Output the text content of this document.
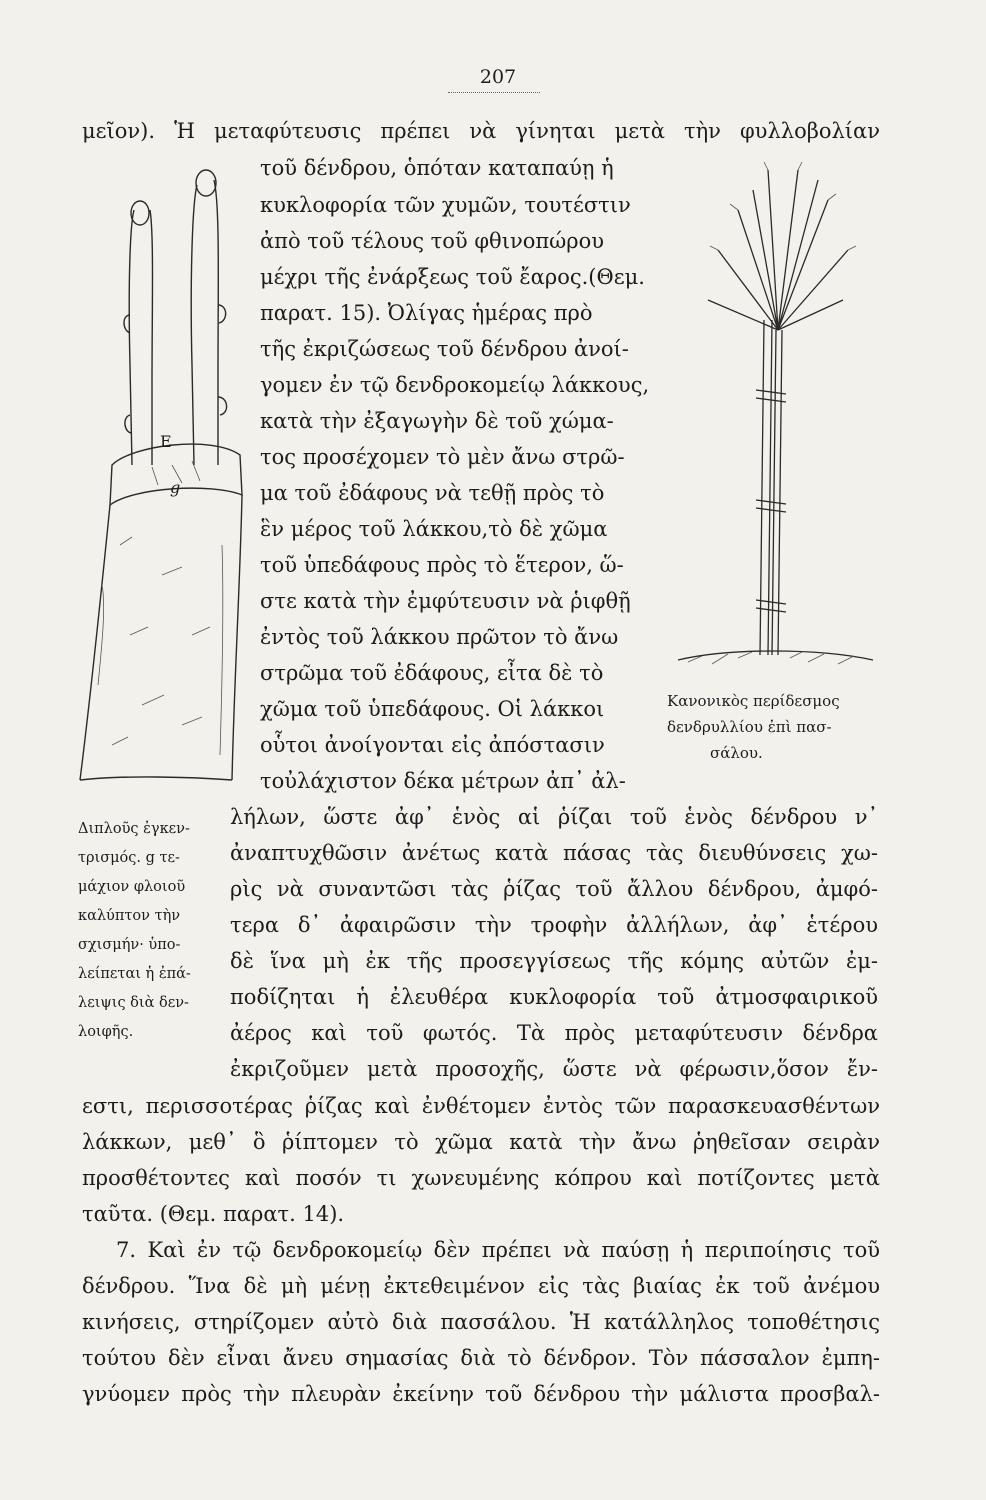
207
E
g
Διπλοῦς ἐγκεν-
τρισμός. g τε-
μάχιον φλοιοῦ
καλύπτον τὴν
σχισμήν· ὑπο-
λείπεται ἡ ἐπά-
λειψις διὰ δεν-
λοιφῆς.
Κανονικὸς περίδεσμος
δενδρυλλίου ἐπὶ πασ-
σάλου.
μεῖον). Ἡ μεταφύτευσις πρέπει νὰ γίνηται μετὰ τὴν φυλλοβολίαν
τοῦ δένδρου, ὁπόταν καταπαύῃ ἡ
κυκλοφορία τῶν χυμῶν, τουτέστιν
ἀπὸ τοῦ τέλους τοῦ φθινοπώρου
μέχρι τῆς ἐνάρξεως τοῦ ἔαρος.(Θεμ.
παρατ. 15). Ὀλίγας ἡμέρας πρὸ
τῆς ἐκριζώσεως τοῦ δένδρου ἀνοί-
γομεν ἐν τῷ δενδροκομείῳ λάκκους,
κατὰ τὴν ἐξαγωγὴν δὲ τοῦ χώμα-
τος προσέχομεν τὸ μὲν ἄνω στρῶ-
μα τοῦ ἐδάφους νὰ τεθῇ πρὸς τὸ
ἓν μέρος τοῦ λάκκου,τὸ δὲ χῶμα
τοῦ ὑπεδάφους πρὸς τὸ ἕτερον, ὥ-
στε κατὰ τὴν ἐμφύτευσιν νὰ ῥιφθῇ
ἐντὸς τοῦ λάκκου πρῶτον τὸ ἄνω
στρῶμα τοῦ ἐδάφους, εἶτα δὲ τὸ
χῶμα τοῦ ὑπεδάφους. Οἱ λάκκοι
οὗτοι ἀνοίγονται εἰς ἀπόστασιν
τοὐλάχιστον δέκα μέτρων ἀπ᾽ ἀλ-
λήλων, ὥστε ἀφ᾽ ἑνὸς αἱ ῥίζαι τοῦ ἑνὸς δένδρου ν᾽
ἀναπτυχθῶσιν ἀνέτως κατὰ πάσας τὰς διευθύνσεις χω-
ρὶς νὰ συναντῶσι τὰς ῥίζας τοῦ ἄλλου δένδρου, ἀμφό-
τερα δ᾽ ἀφαιρῶσιν τὴν τροφὴν ἀλλήλων, ἀφ᾽ ἑτέρου
δὲ ἵνα μὴ ἐκ τῆς προσεγγίσεως τῆς κόμης αὐτῶν ἐμ-
ποδίζηται ἡ ἐλευθέρα κυκλοφορία τοῦ ἀτμοσφαιρικοῦ
ἀέρος καὶ τοῦ φωτός. Τὰ πρὸς μεταφύτευσιν δένδρα
ἐκριζοῦμεν μετὰ προσοχῆς, ὥστε νὰ φέρωσιν,ὅσον ἔν-
εστι, περισσοτέρας ῥίζας καὶ ἐνθέτομεν ἐντὸς τῶν παρασκευασθέντων
λάκκων, μεθ᾽ ὃ ῥίπτομεν τὸ χῶμα κατὰ τὴν ἄνω ῥηθεῖσαν σειρὰν
προσθέτοντες καὶ ποσόν τι χωνευμένης κόπρου καὶ ποτίζοντες μετὰ
ταῦτα. (Θεμ. παρατ. 14).
7. Καὶ ἐν τῷ δενδροκομείῳ δὲν πρέπει νὰ παύσῃ ἡ περιποίησις τοῦ
δένδρου. Ἵνα δὲ μὴ μένῃ ἐκτεθειμένον εἰς τὰς βιαίας ἐκ τοῦ ἀνέμου
κινήσεις, στηρίζομεν αὐτὸ διὰ πασσάλου. Ἡ κατάλληλος τοποθέτησις
τούτου δὲν εἶναι ἄνευ σημασίας διὰ τὸ δένδρον. Τὸν πάσσαλον ἐμπη-
γνύομεν πρὸς τὴν πλευρὰν ἐκείνην τοῦ δένδρου τὴν μάλιστα προσβαλ-
